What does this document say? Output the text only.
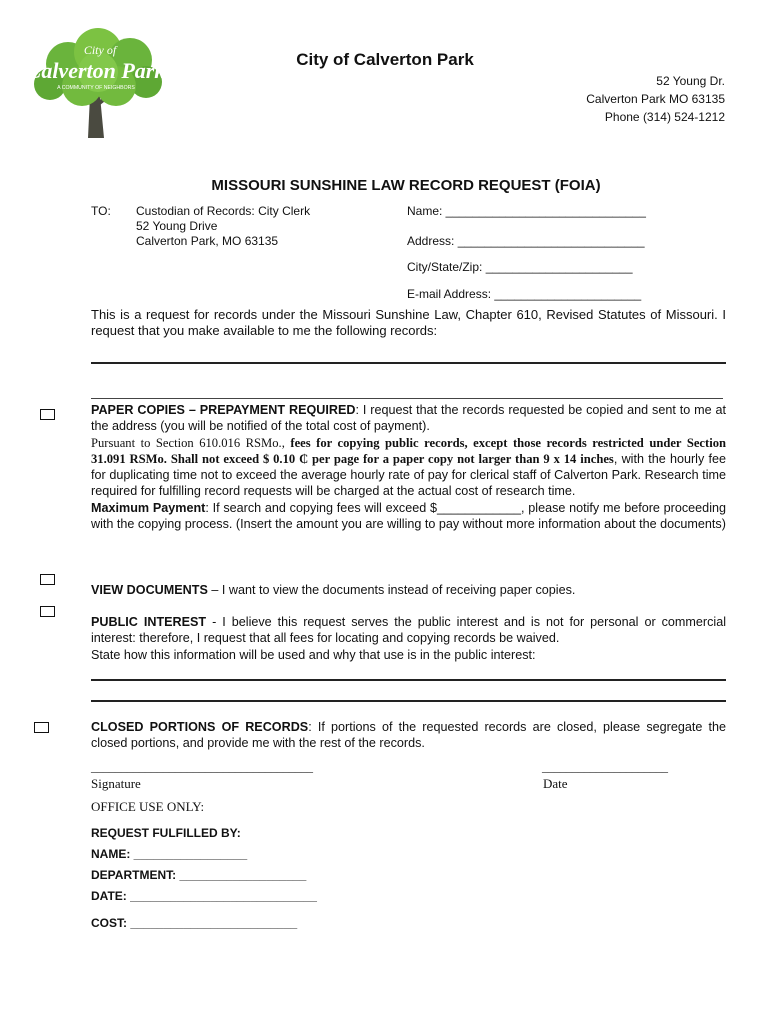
City of
Calverton Park
A COMMUNITY OF NEIGHBORS
City of Calverton Park
52 Young Dr.
Calverton Park MO 63135
Phone (314) 524-1212
MISSOURI SUNSHINE LAW RECORD REQUEST (FOIA)
TO: Custodian of Records: City Clerk
52 Young Drive
Calverton Park, MO 63135
Name: ______________________________
Address: ____________________________
City/State/Zip: ______________________
E-mail Address: ______________________
This is a request for records under the Missouri Sunshine Law, Chapter 610, Revised Statutes of Missouri. I request that you make available to me the following records:
PAPER COPIES – PREPAYMENT REQUIRED: I request that the records requested be copied and sent to me at the address (you will be notified of the total cost of payment).
Pursuant to Section 610.016 RSMo., fees for copying public records, except those records restricted under Section 31.091 RSMo. Shall not exceed $ 0.10 ₵ per page for a paper copy not larger than 9 x 14 inches, with the hourly fee for duplicating time not to exceed the average hourly rate of pay for clerical staff of Calverton Park. Research time required for fulfilling record requests will be charged at the actual cost of research time.
Maximum Payment: If search and copying fees will exceed $____________, please notify me before proceeding with the copying process. (Insert the amount you are willing to pay without more information about the documents)
VIEW DOCUMENTS – I want to view the documents instead of receiving paper copies.
PUBLIC INTEREST - I believe this request serves the public interest and is not for personal or commercial interest: therefore, I request that all fees for locating and copying records be waived.
State how this information will be used and why that use is in the public interest:
CLOSED PORTIONS OF RECORDS: If portions of the requested records are closed, please segregate the closed portions, and provide me with the rest of the records.
_____________________________________
Signature
_____________________
Date
OFFICE USE ONLY:
REQUEST FULFILLED BY:
NAME: _________________
DEPARTMENT: ___________________
DATE: ____________________________
COST: _________________________
